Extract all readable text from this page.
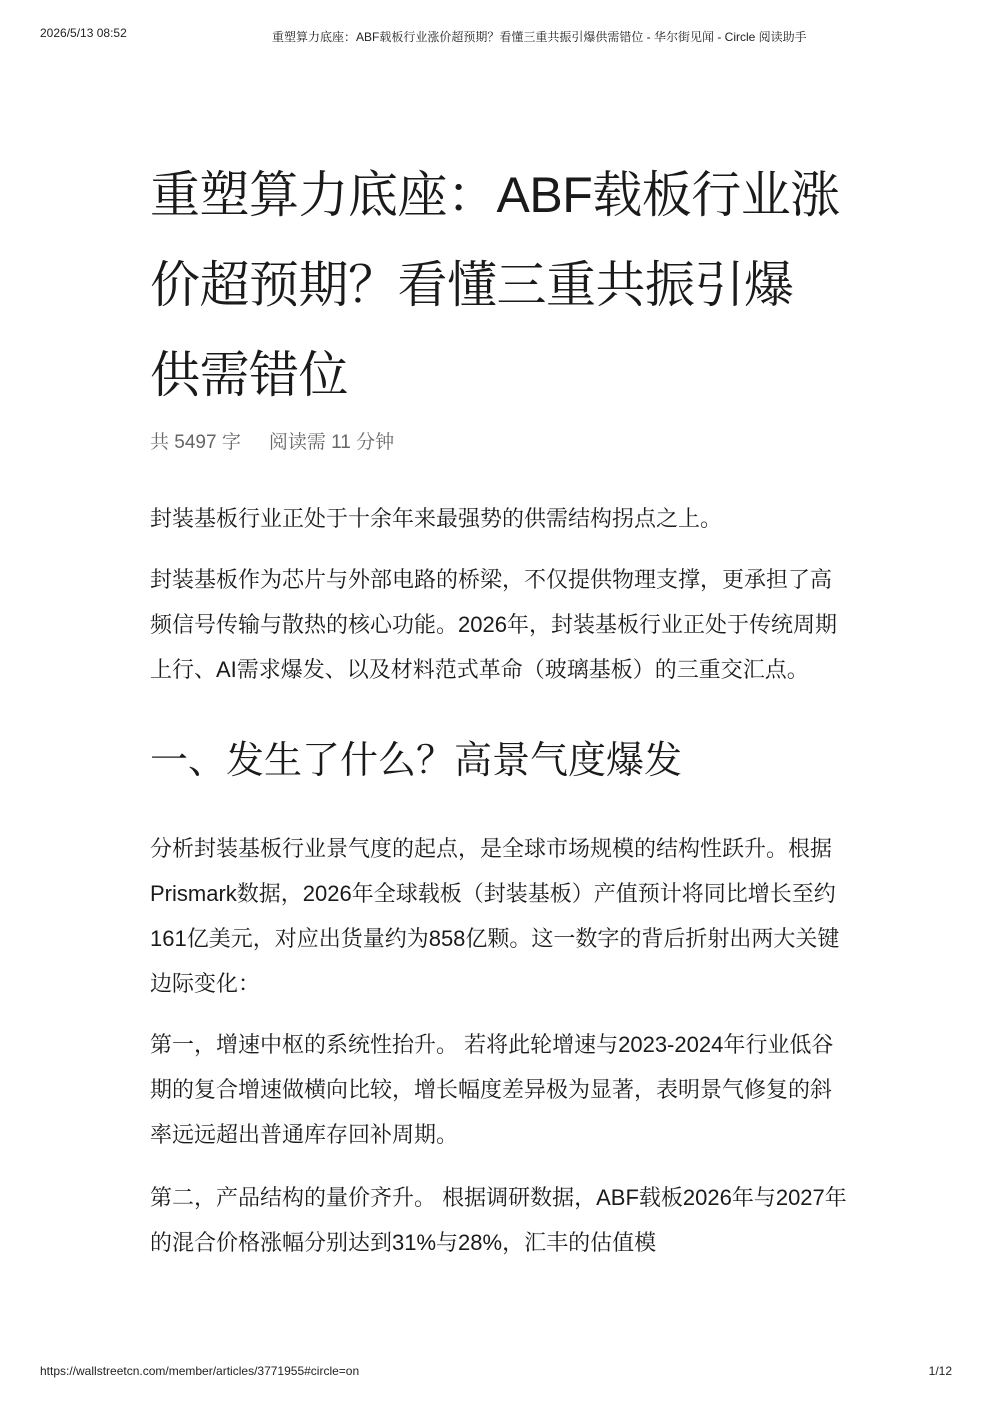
2026/5/13 08:52	重塑算力底座：ABF载板行业涨价超预期？看懂三重共振引爆供需错位 - 华尔街见闻 - Circle 阅读助手
重塑算力底座：ABF载板行业涨
价超预期？看懂三重共振引爆
供需错位
共 5497 字 阅读需 11 分钟

封装基板行业正处于十余年来最强势的供需结构拐点之上。

封装基板作为芯片与外部电路的桥梁，不仅提供物理支撑，更承担了高频信号传输与散热的核心功能。2026年，封装基板行业正处于传统周期上行、AI需求爆发、以及材料范式革命（玻璃基板）的三重交汇点。

一、发生了什么？高景气度爆发

分析封装基板行业景气度的起点，是全球市场规模的结构性跃升。根据Prismark数据，2026年全球载板（封装基板）产值预计将同比增长至约161亿美元，对应出货量约为858亿颗。这一数字的背后折射出两大关键边际变化：

第一，增速中枢的系统性抬升。 若将此轮增速与2023-2024年行业低谷期的复合增速做横向比较，增长幅度差异极为显著，表明景气修复的斜率远远超出普通库存回补周期。

第二，产品结构的量价齐升。 根据调研数据，ABF载板2026年与2027年的混合价格涨幅分别达到31%与28%，汇丰的估值模

https://wallstreetcn.com/member/articles/3771955#circle=on	1/12
